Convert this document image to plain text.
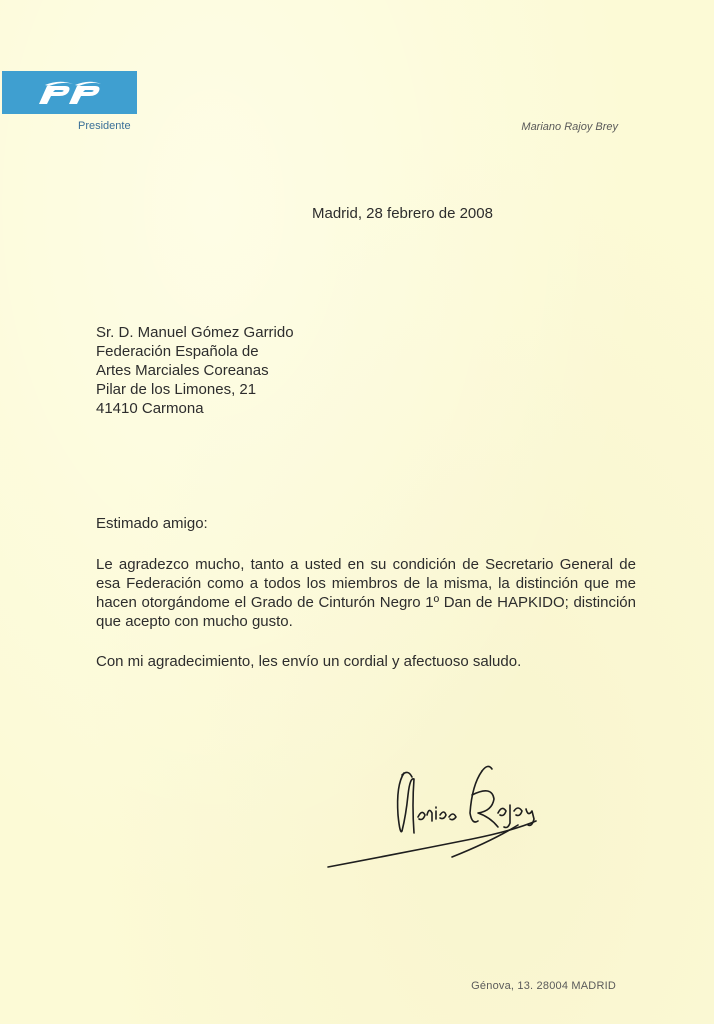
Presidente	Mariano Rajoy Brey
Madrid, 28 febrero de 2008
Sr. D. Manuel Gómez Garrido
Federación Española de
Artes Marciales Coreanas
Pilar de los Limones, 21
41410 Carmona
Estimado amigo:
Le agradezco mucho, tanto a usted en su condición de Secretario General de esa Federación como a todos los miembros de la misma, la distinción que me hacen otorgándome el Grado de Cinturón Negro 1º Dan de HAPKIDO; distinción que acepto con mucho gusto.
Con mi agradecimiento, les envío un cordial y afectuoso saludo.
Génova, 13. 28004 MADRID
